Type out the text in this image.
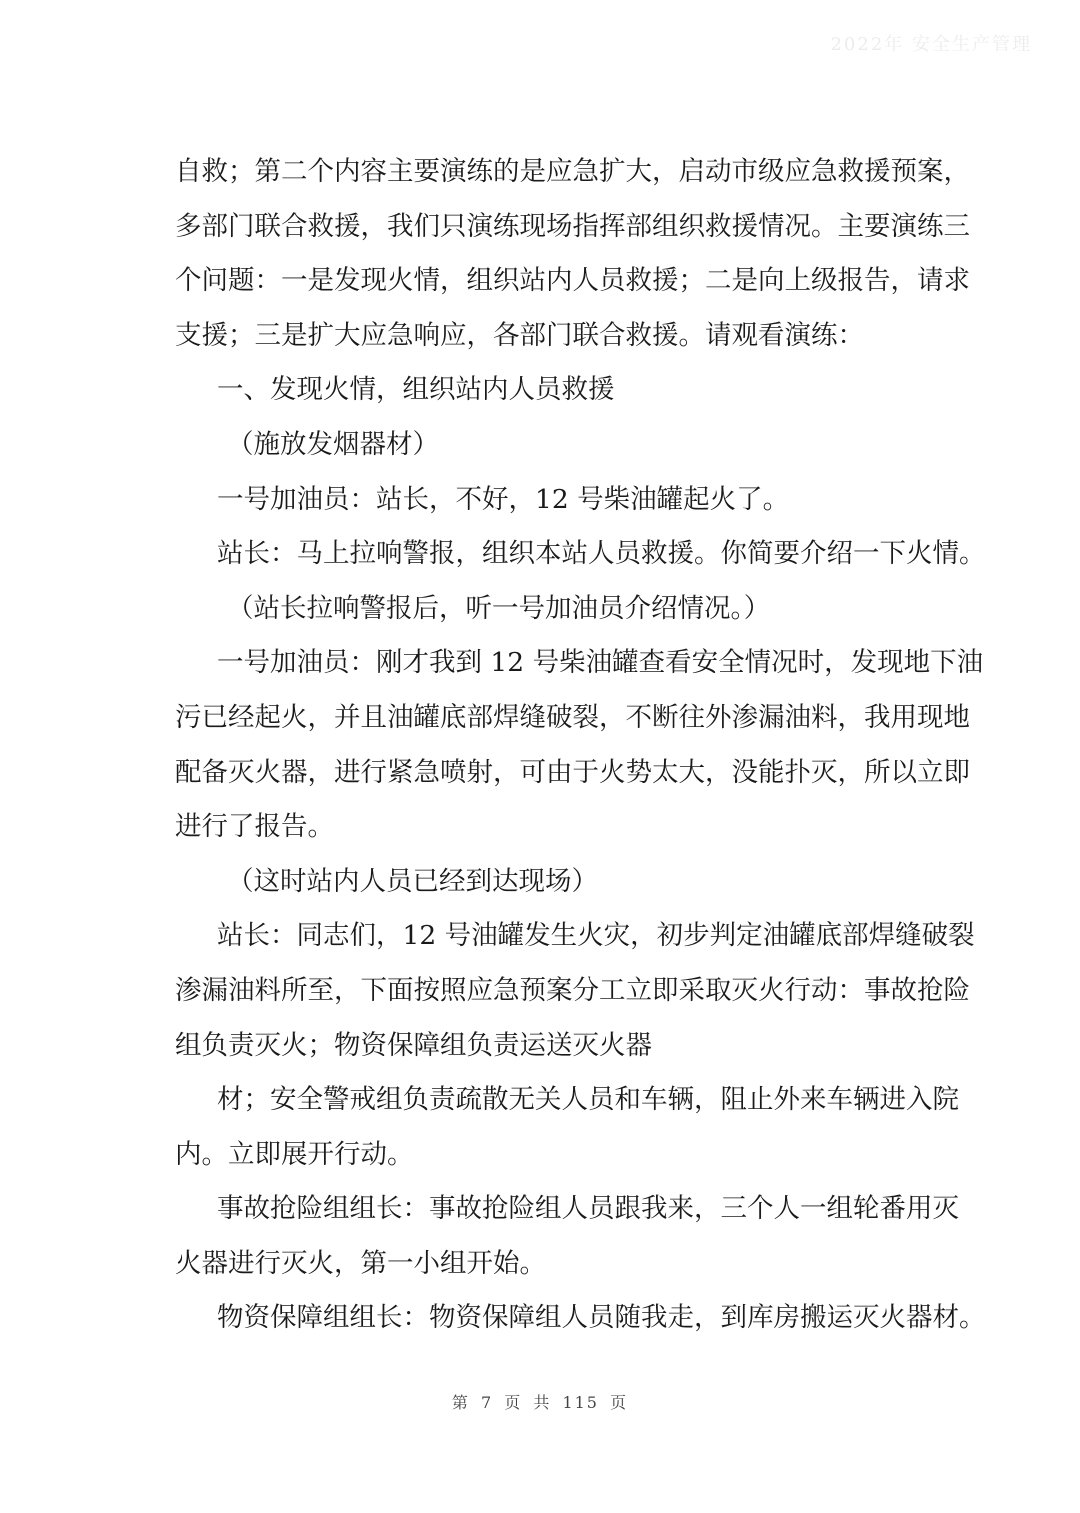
2022年 安全生产管理
自救；第二个内容主要演练的是应急扩大，启动市级应急救援预案，
多部门联合救援，我们只演练现场指挥部组织救援情况。主要演练三
个问题：一是发现火情，组织站内人员救援；二是向上级报告，请求
支援；三是扩大应急响应，各部门联合救援。请观看演练：
一、发现火情，组织站内人员救援
（施放发烟器材）
一号加油员：站长，不好，12 号柴油罐起火了。
站长：马上拉响警报，组织本站人员救援。你简要介绍一下火情。
（站长拉响警报后，听一号加油员介绍情况。）
一号加油员：刚才我到 12 号柴油罐查看安全情况时，发现地下油
污已经起火，并且油罐底部焊缝破裂，不断往外渗漏油料，我用现地
配备灭火器，进行紧急喷射，可由于火势太大，没能扑灭，所以立即
进行了报告。
（这时站内人员已经到达现场）
站长：同志们，12 号油罐发生火灾，初步判定油罐底部焊缝破裂
渗漏油料所至，下面按照应急预案分工立即采取灭火行动：事故抢险
组负责灭火；物资保障组负责运送灭火器
材；安全警戒组负责疏散无关人员和车辆，阻止外来车辆进入院
内。立即展开行动。
事故抢险组组长：事故抢险组人员跟我来，三个人一组轮番用灭
火器进行灭火，第一小组开始。
物资保障组组长：物资保障组人员随我走，到库房搬运灭火器材。
第 7 页 共 115 页
